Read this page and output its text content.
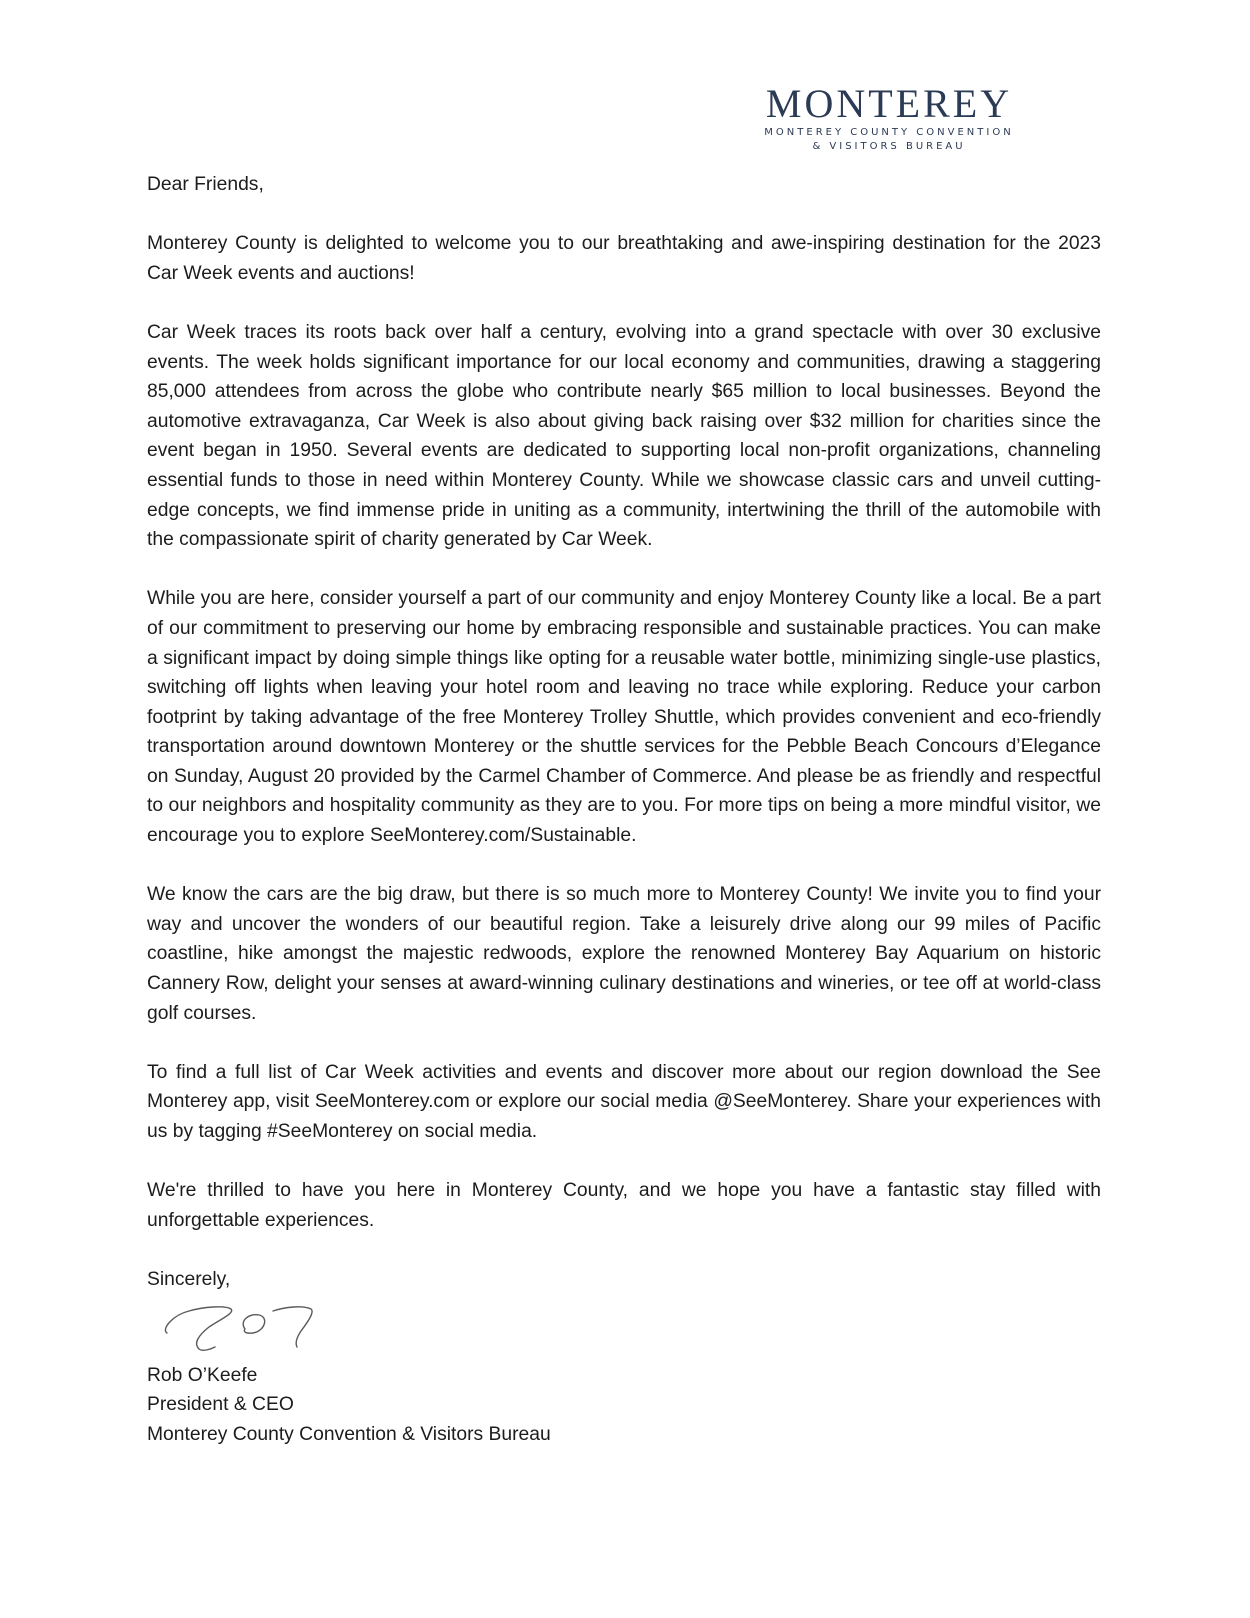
MONTEREY
MONTEREY COUNTY CONVENTION
& VISITORS BUREAU

Dear Friends,

Monterey County is delighted to welcome you to our breathtaking and awe-inspiring destination for the 2023 Car Week events and auctions!

Car Week traces its roots back over half a century, evolving into a grand spectacle with over 30 exclusive events. The week holds significant importance for our local economy and communities, drawing a staggering 85,000 attendees from across the globe who contribute nearly $65 million to local businesses. Beyond the automotive extravaganza, Car Week is also about giving back raising over $32 million for charities since the event began in 1950. Several events are dedicated to supporting local non-profit organizations, channeling essential funds to those in need within Monterey County. While we showcase classic cars and unveil cutting-edge concepts, we find immense pride in uniting as a community, intertwining the thrill of the automobile with the compassionate spirit of charity generated by Car Week.

While you are here, consider yourself a part of our community and enjoy Monterey County like a local. Be a part of our commitment to preserving our home by embracing responsible and sustainable practices. You can make a significant impact by doing simple things like opting for a reusable water bottle, minimizing single-use plastics, switching off lights when leaving your hotel room and leaving no trace while exploring. Reduce your carbon footprint by taking advantage of the free Monterey Trolley Shuttle, which provides convenient and eco-friendly transportation around downtown Monterey or the shuttle services for the Pebble Beach Concours d’Elegance on Sunday, August 20 provided by the Carmel Chamber of Commerce. And please be as friendly and respectful to our neighbors and hospitality community as they are to you. For more tips on being a more mindful visitor, we encourage you to explore SeeMonterey.com/Sustainable.

We know the cars are the big draw, but there is so much more to Monterey County! We invite you to find your way and uncover the wonders of our beautiful region. Take a leisurely drive along our 99 miles of Pacific coastline, hike amongst the majestic redwoods, explore the renowned Monterey Bay Aquarium on historic Cannery Row, delight your senses at award-winning culinary destinations and wineries, or tee off at world-class golf courses.

To find a full list of Car Week activities and events and discover more about our region download the See Monterey app, visit SeeMonterey.com or explore our social media @SeeMonterey. Share your experiences with us by tagging #SeeMonterey on social media.

We're thrilled to have you here in Monterey County, and we hope you have a fantastic stay filled with unforgettable experiences.

Sincerely,
Rob O’Keefe
President & CEO
Monterey County Convention & Visitors Bureau
